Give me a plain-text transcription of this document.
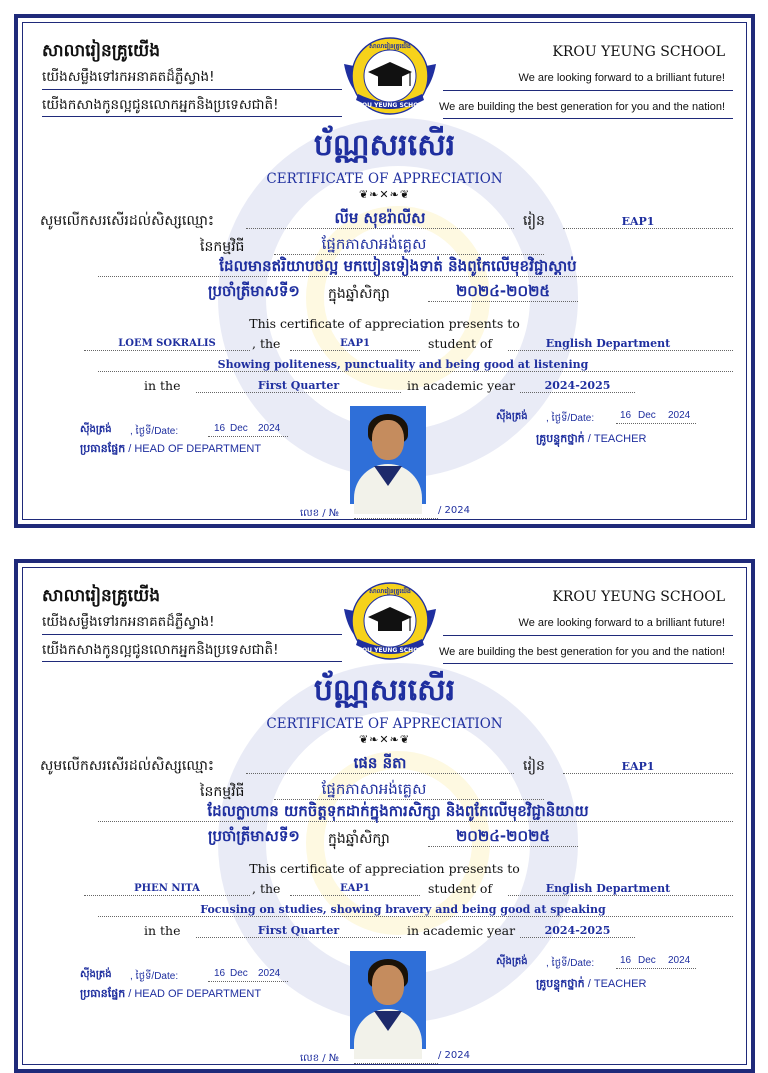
សាលារៀនគ្រូយើង
យើងសម្លឹងទៅរកអនាគតដ៏ភ្លឺស្វាង!
យើងកសាងកូនល្អជូនលោកអ្នកនិងប្រទេសជាតិ!
KROU YEUNG SCHOOL
We are looking forward to a brilliant future!
We are building the best generation for you and the nation!
KROU YEUNG SCHOOL
សាលារៀនគ្រូយើង
ប័ណ្ណសរសើរ
CERTIFICATE OF APPRECIATION
❦❧✕❧❦
សូមលើកសរសើរដល់សិស្សឈ្មោះ	លីម សុខរ៉ាលីស	រៀន	EAP1
នៃកម្មវិធី	ផ្នែកភាសាអង់គ្លេស
ដែលមានឥរិយាបថល្អ មកបៀនទៀងទាត់ និងពូកែលើមុខវិជ្ជាស្តាប់
ប្រចាំត្រីមាសទី១ ក្នុងឆ្នាំសិក្សា	២០២៤-២០២៥
This certificate of appreciation presents to
LOEM SOKRALIS	, the	EAP1	student of	English Department
Showing politeness, punctuality and being good at listening
in the	First Quarter	in academic year	2024-2025
ស៊ីងត្រង់ , ថ្ងៃទី/Date:	16 Dec 2024
ប្រធានផ្នែក / HEAD OF DEPARTMENT
ស៊ីងត្រង់ , ថ្ងៃទី/Date:	16 Dec 2024
គ្រូបន្ទុកថ្នាក់ / TEACHER
លេខ / №	/ 2024
សាលារៀនគ្រូយើង
យើងសម្លឹងទៅរកអនាគតដ៏ភ្លឺស្វាង!
យើងកសាងកូនល្អជូនលោកអ្នកនិងប្រទេសជាតិ!
KROU YEUNG SCHOOL
We are looking forward to a brilliant future!
We are building the best generation for you and the nation!
KROU YEUNG SCHOOL
សាលារៀនគ្រូយើង
ប័ណ្ណសរសើរ
CERTIFICATE OF APPRECIATION
❦❧✕❧❦
សូមលើកសរសើរដល់សិស្សឈ្មោះ	ផេន នីតា	រៀន	EAP1
នៃកម្មវិធី	ផ្នែកភាសាអង់គ្លេស
ដែលក្លាហាន យកចិត្តទុកដាក់ក្នុងការសិក្សា និងពូកែលើមុខវិជ្ជានិយាយ
ប្រចាំត្រីមាសទី១ ក្នុងឆ្នាំសិក្សា	២០២៤-២០២៥
This certificate of appreciation presents to
PHEN NITA	, the	EAP1	student of	English Department
Focusing on studies, showing bravery and being good at speaking
in the	First Quarter	in academic year	2024-2025
ស៊ីងត្រង់ , ថ្ងៃទី/Date:	16 Dec 2024
ប្រធានផ្នែក / HEAD OF DEPARTMENT
ស៊ីងត្រង់ , ថ្ងៃទី/Date:	16 Dec 2024
គ្រូបន្ទុកថ្នាក់ / TEACHER
លេខ / №	/ 2024
